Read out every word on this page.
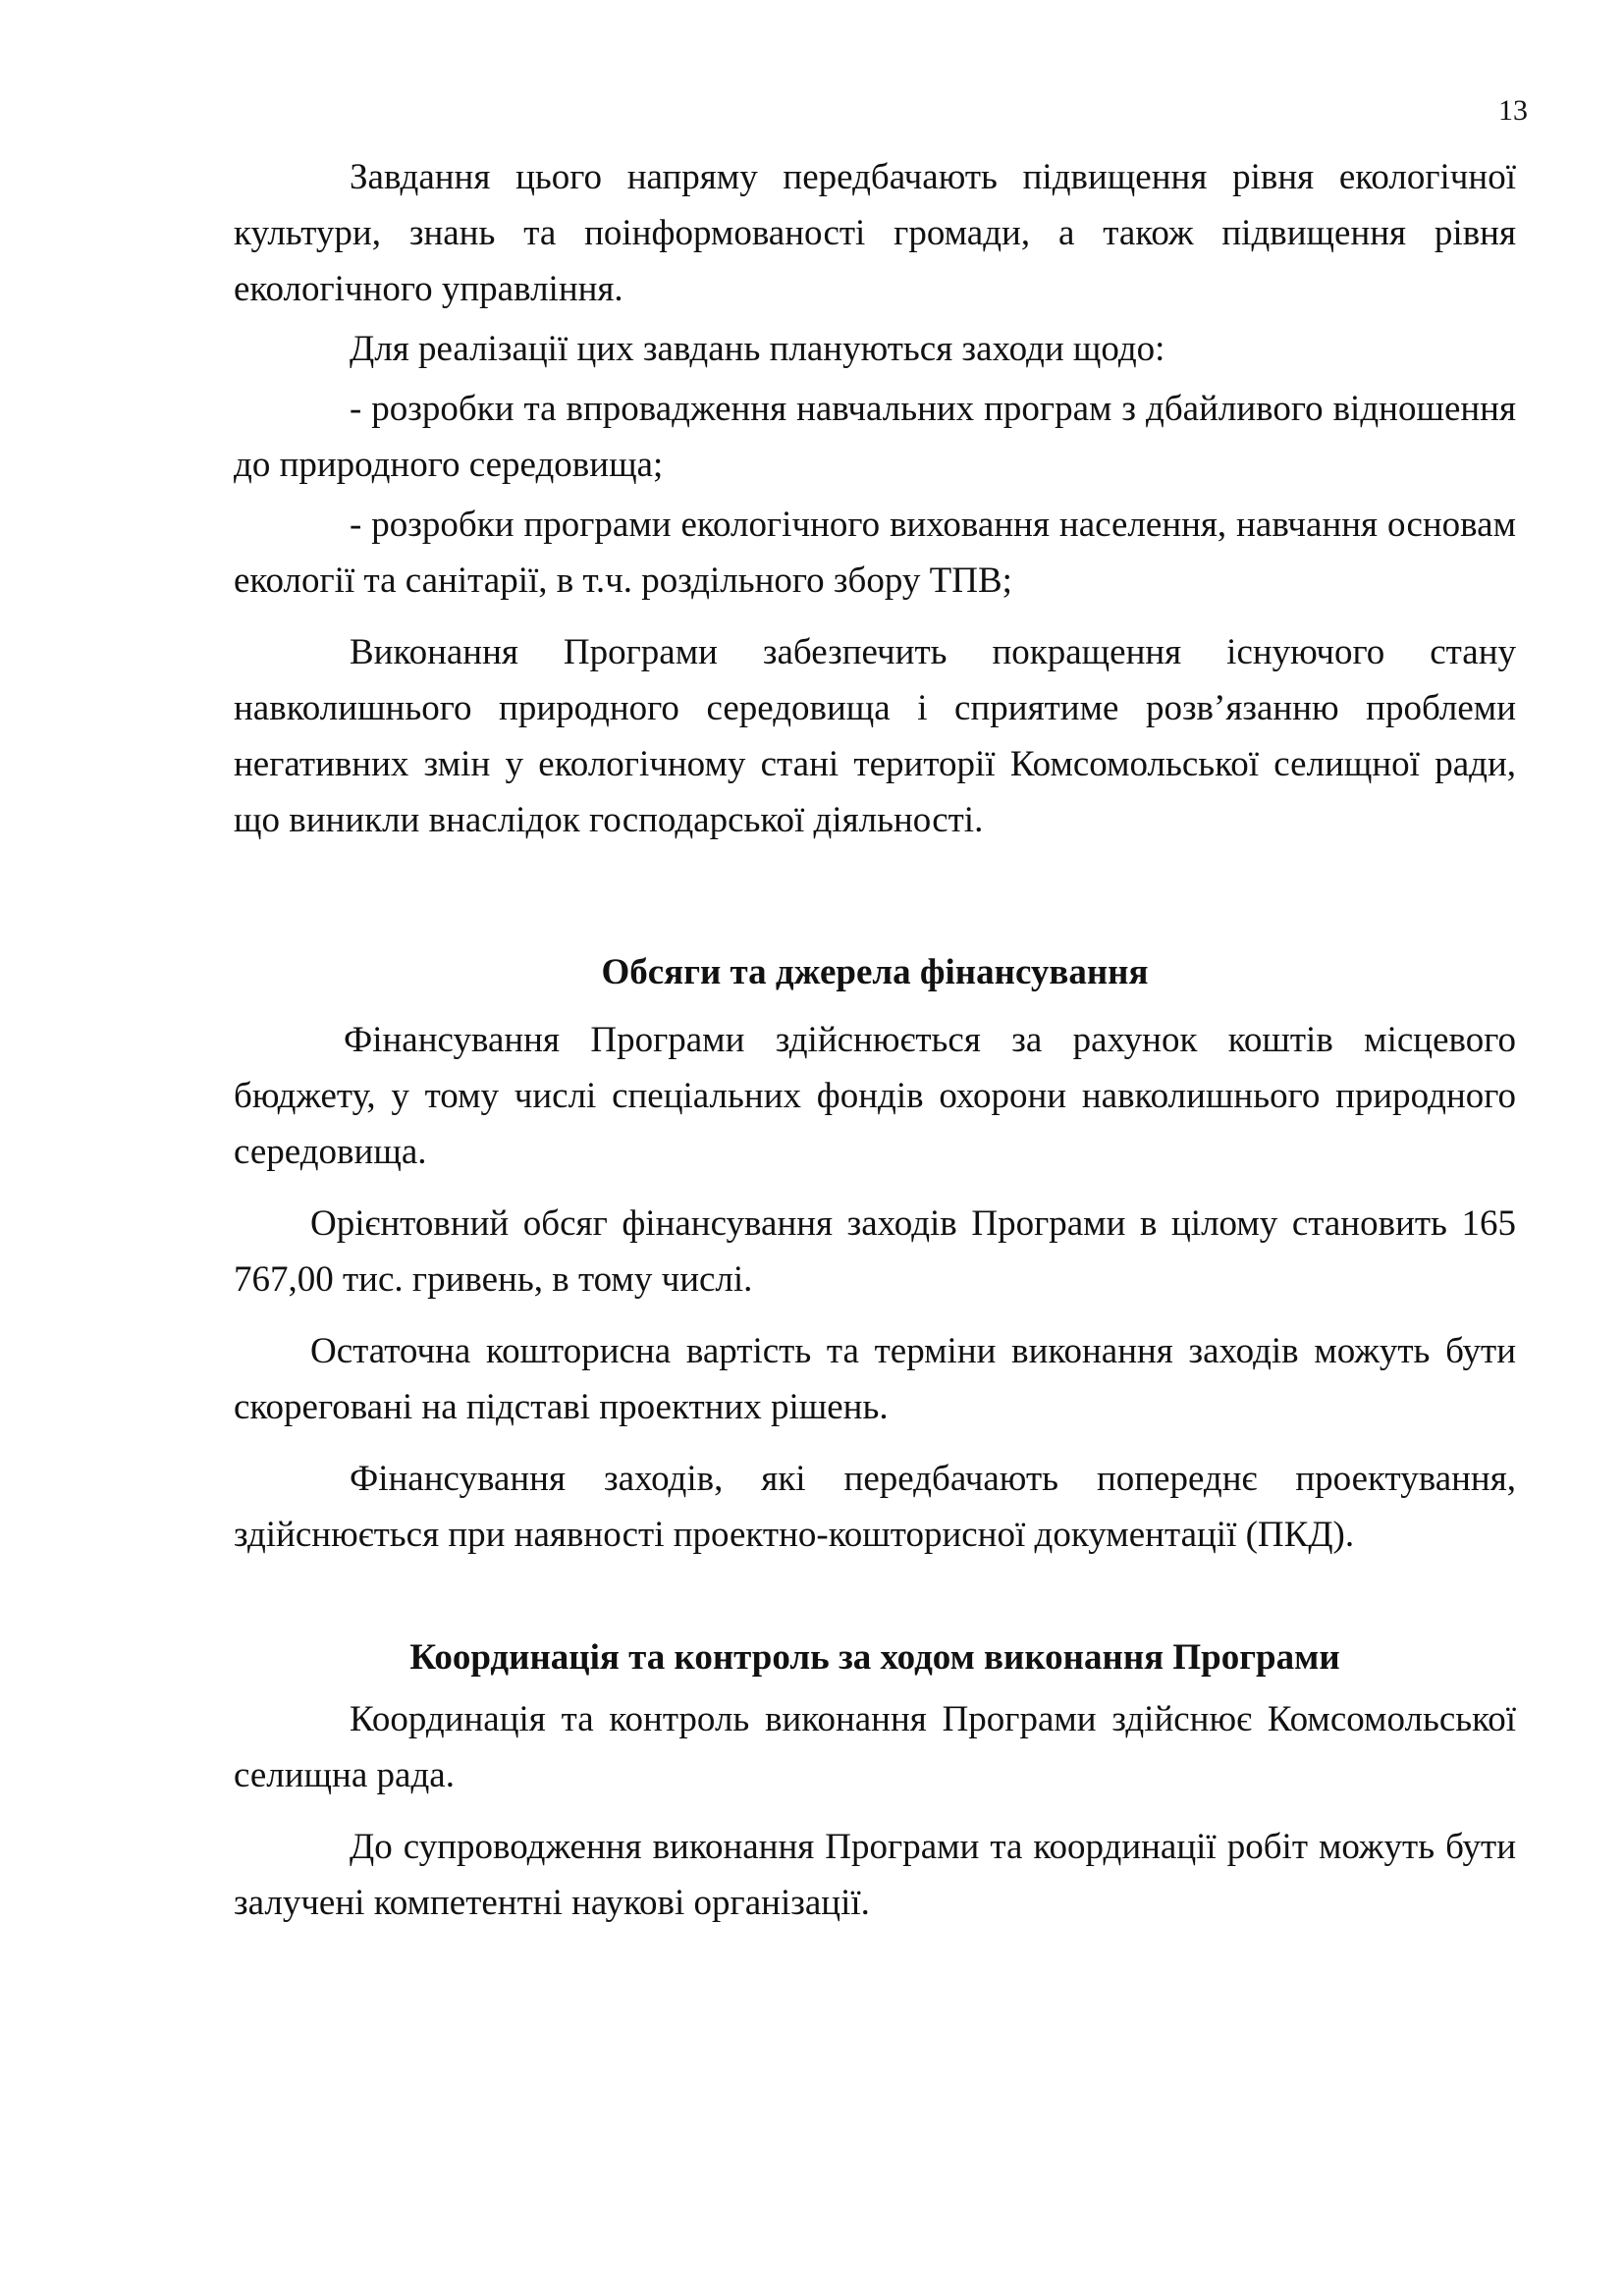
13

Завдання цього напряму передбачають підвищення рівня екологічної культури, знань та поінформованості громади, а також підвищення рівня екологічного управління.

Для реалізації цих завдань плануються заходи щодо:

- розробки та впровадження навчальних програм з дбайливого відношення до природного середовища;

- розробки програми екологічного виховання населення, навчання основам екології та санітарії, в т.ч. роздільного збору ТПВ;

Виконання Програми забезпечить покращення існуючого стану навколишнього природного середовища і сприятиме розв’язанню проблеми негативних змін у екологічному стані території Комсомольської селищної ради, що виникли внаслідок господарської діяльності.

Обсяги та джерела фінансування

Фінансування Програми здійснюється за рахунок коштів місцевого бюджету, у тому числі спеціальних фондів охорони навколишнього природного середовища.

Орієнтовний обсяг фінансування заходів Програми в цілому становить 165 767,00 тис. гривень, в тому числі.

Остаточна кошторисна вартість та терміни виконання заходів можуть бути скореговані на підставі проектних рішень.

Фінансування заходів, які передбачають попереднє проектування, здійснюється при наявності проектно-кошторисної документації (ПКД).

Координація та контроль за ходом виконання Програми

Координація та контроль виконання Програми здійснює Комсомольської селищна рада.

До супроводження виконання Програми та координації робіт можуть бути залучені компетентні наукові організації.
